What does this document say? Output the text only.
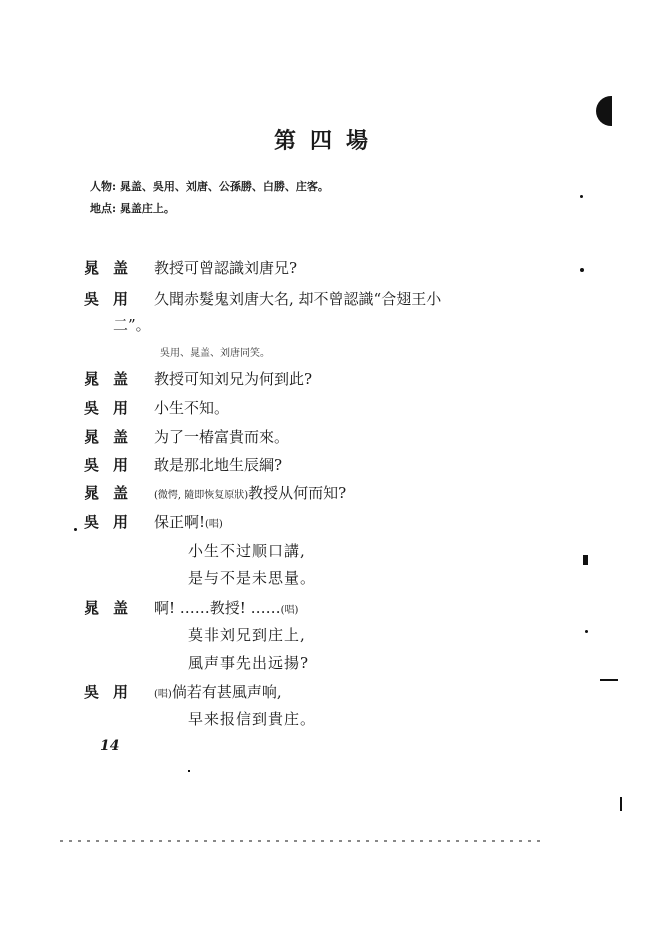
第四場
人物: 晁盖、吳用、刘唐、公孫勝、白勝、庄客。
地点: 晁盖庄上。
晁盖 教授可曾認識刘唐兄?
吳用 久聞赤髮鬼刘唐大名, 却不曾認識“合翅王小
二”。
吳用、晁盖、刘唐同笑。
晁盖 教授可知刘兄为何到此?
吳用 小生不知。
晁盖 为了一椿富貴而來。
吳用 敢是那北地生辰綱?
晁盖 (微愕, 隨即恢复原狀)教授从何而知?
吳用 保正啊!(唱)
小生不过顺口講,
是与不是未思量。
晁盖 啊! ……教授! ……(唱)
莫非刘兄到庄上,
風声事先出远揚?
吳用 (唱)倘若有甚風声响,
早来报信到貴庄。
14
